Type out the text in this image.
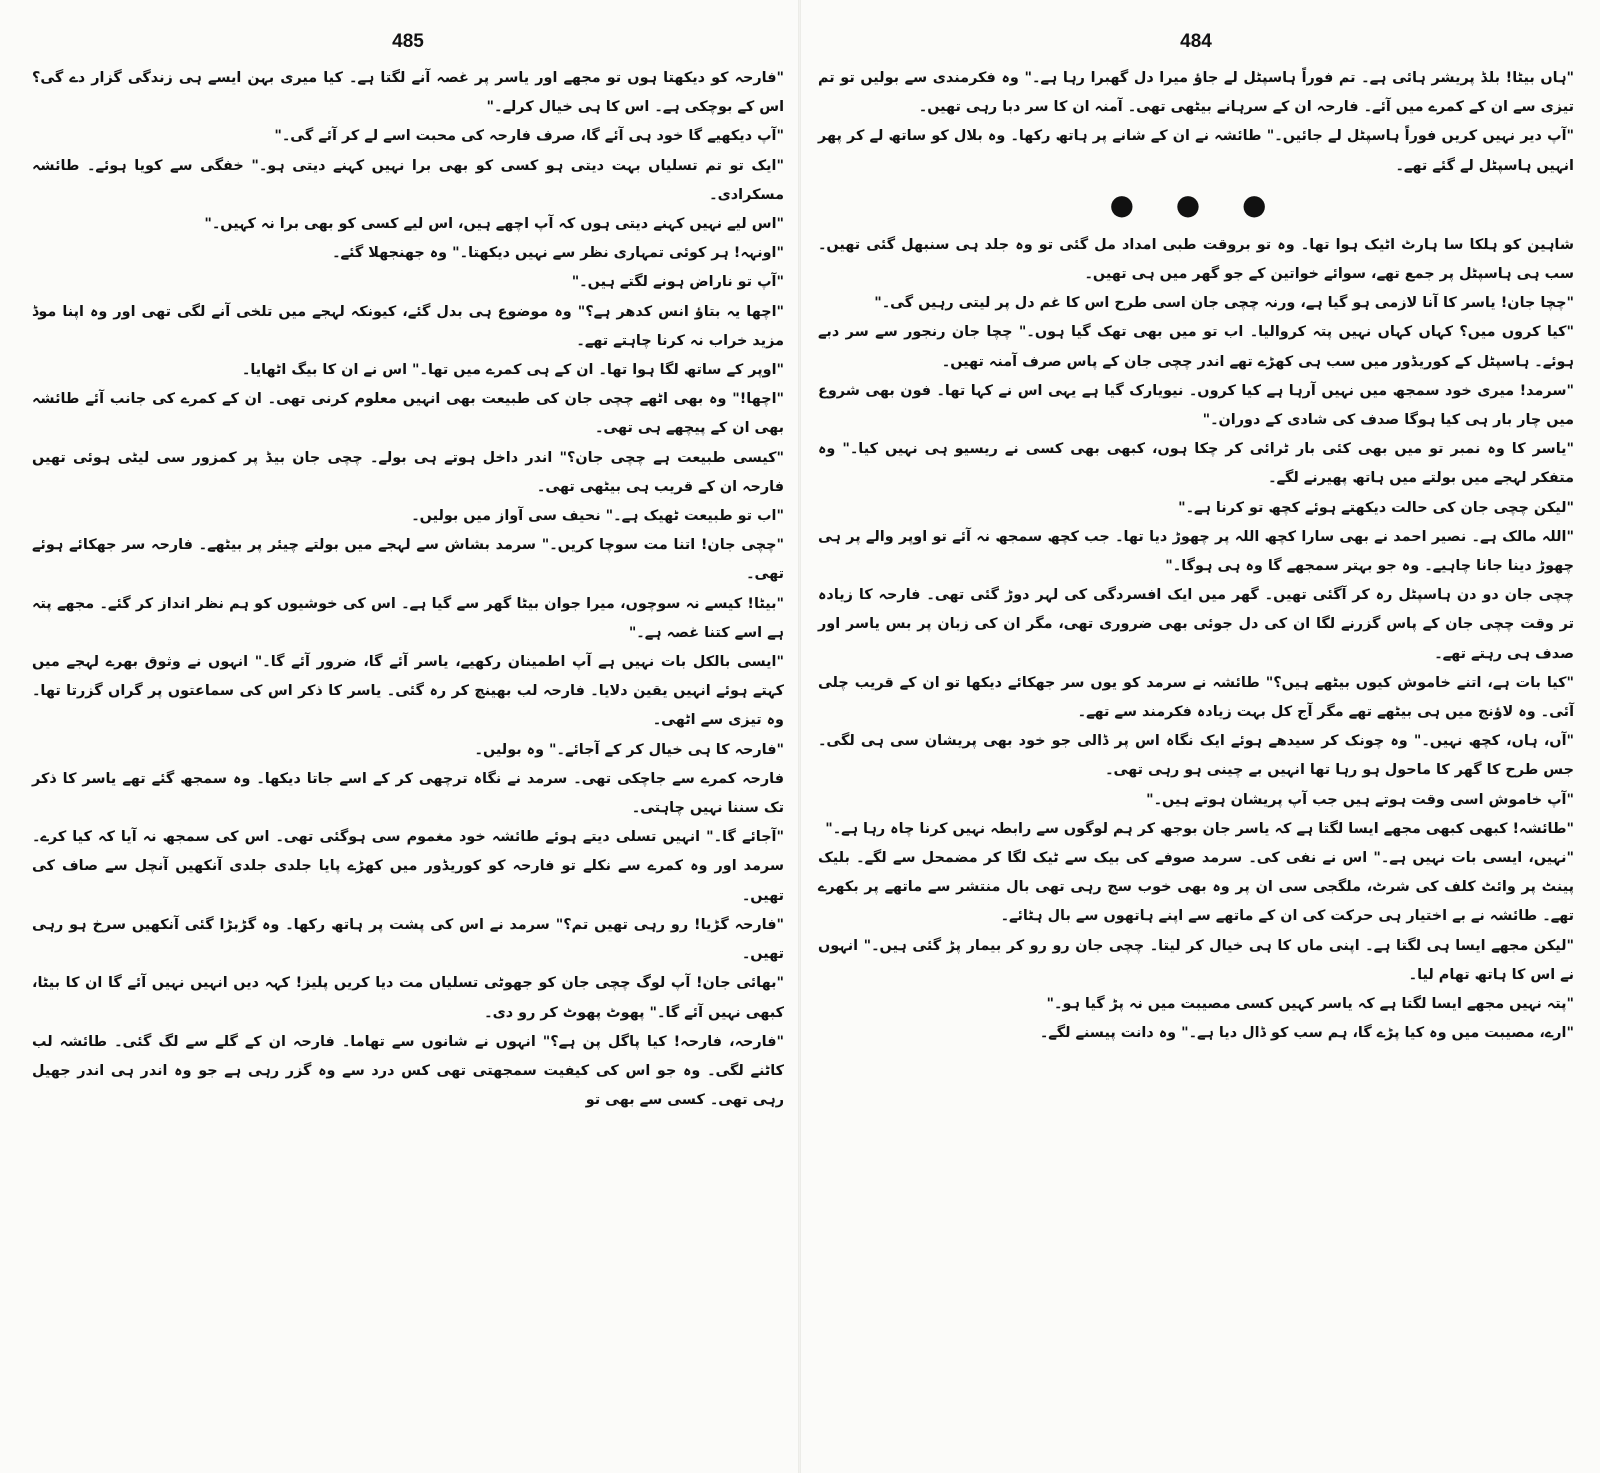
485

"فارحہ کو دیکھتا ہوں تو مجھے اور یاسر پر غصہ آنے لگتا ہے۔ کیا میری بہن ایسے ہی زندگی گزار دے گی؟ اس کے بوچکی ہے۔ اس کا ہی خیال کرلے۔"

"آپ دیکھیے گا خود ہی آئے گا، صرف فارحہ کی محبت اسے لے کر آئے گی۔"

"ایک تو تم تسلیاں بہت دیتی ہو کسی کو بھی برا نہیں کہنے دیتی ہو۔" خفگی سے کویا ہوئے۔ طائشہ مسکرادی۔

"اس لیے نہیں کہنے دیتی ہوں کہ آپ اچھے ہیں، اس لیے کسی کو بھی برا نہ کہیں۔"

"اونہہ! ہر کوئی تمہاری نظر سے نہیں دیکھتا۔" وہ جھنجھلا گئے۔

"آپ تو ناراض ہونے لگتے ہیں۔"

"اچھا یہ بتاؤ انس کدھر ہے؟" وہ موضوع ہی بدل گئے، کیونکہ لہجے میں تلخی آنے لگی تھی اور وہ اپنا موڈ مزید خراب نہ کرنا چاہتے تھے۔

"اوپر کے ساتھ لگا ہوا تھا۔ ان کے ہی کمرے میں تھا۔" اس نے ان کا بیگ اٹھایا۔

"اچھا!" وہ بھی اٹھے چچی جان کی طبیعت بھی انہیں معلوم کرنی تھی۔ ان کے کمرے کی جانب آئے طائشہ بھی ان کے پیچھے ہی تھی۔

"کیسی طبیعت ہے چچی جان؟" اندر داخل ہوتے ہی بولے۔ چچی جان بیڈ پر کمزور سی لیٹی ہوئی تھیں فارحہ ان کے قریب ہی بیٹھی تھی۔

"اب تو طبیعت ٹھیک ہے۔" نحیف سی آواز میں بولیں۔

"چچی جان! اتنا مت سوچا کریں۔" سرمد بشاش سے لہجے میں بولتے چیئر پر بیٹھے۔ فارحہ سر جھکائے ہوئے تھی۔

"بیٹا! کیسے نہ سوچوں، میرا جوان بیٹا گھر سے گیا ہے۔ اس کی خوشیوں کو ہم نظر انداز کر گئے۔ مجھے پتہ ہے اسے کتنا غصہ ہے۔"

"ایسی بالکل بات نہیں ہے آپ اطمینان رکھیے، یاسر آئے گا، ضرور آئے گا۔" انہوں نے وثوق بھرے لہجے میں کہتے ہوئے انہیں یقین دلایا۔ فارحہ لب بھینچ کر رہ گئی۔ یاسر کا ذکر اس کی سماعتوں پر گراں گزرتا تھا۔ وہ تیزی سے اٹھی۔

"فارحہ کا ہی خیال کر کے آجائے۔" وہ بولیں۔

فارحہ کمرے سے جاچکی تھی۔ سرمد نے نگاہ ترچھی کر کے اسے جاتا دیکھا۔ وہ سمجھ گئے تھے یاسر کا ذکر تک سننا نہیں چاہتی۔

"آجائے گا۔" انہیں تسلی دیتے ہوئے طائشہ خود مغموم سی ہوگئی تھی۔ اس کی سمجھ نہ آیا کہ کیا کرے۔ سرمد اور وہ کمرے سے نکلے تو فارحہ کو کوریڈور میں کھڑے پایا جلدی جلدی آنکھیں آنچل سے صاف کی تھیں۔

"فارحہ گڑیا! رو رہی تھیں تم؟" سرمد نے اس کی پشت پر ہاتھ رکھا۔ وہ گڑبڑا گئی آنکھیں سرخ ہو رہی تھیں۔

"بھائی جان! آپ لوگ چچی جان کو جھوٹی تسلیاں مت دیا کریں پلیز! کہہ دیں انہیں نہیں آئے گا ان کا بیٹا، کبھی نہیں آئے گا۔" پھوٹ پھوٹ کر رو دی۔

"فارحہ، فارحہ! کیا پاگل پن ہے؟" انہوں نے شانوں سے تھاما۔ فارحہ ان کے گلے سے لگ گئی۔ طائشہ لب کاٹنے لگی۔ وہ جو اس کی کیفیت سمجھتی تھی کس درد سے وہ گزر رہی ہے جو وہ اندر ہی اندر جھیل رہی تھی۔ کسی سے بھی تو

484

"ہاں بیٹا! بلڈ پریشر ہائی ہے۔ تم فوراً ہاسپٹل لے جاؤ میرا دل گھبرا رہا ہے۔" وہ فکرمندی سے بولیں تو تم تیزی سے ان کے کمرے میں آئے۔ فارحہ ان کے سرہانے بیٹھی تھی۔ آمنہ ان کا سر دبا رہی تھیں۔

"آپ دیر نہیں کریں فوراً ہاسپٹل لے جائیں۔" طائشہ نے ان کے شانے پر ہاتھ رکھا۔ وہ بلال کو ساتھ لے کر پھر انہیں ہاسپٹل لے گئے تھے۔

● ● ●

شاہین کو ہلکا سا ہارٹ اٹیک ہوا تھا۔ وہ تو بروقت طبی امداد مل گئی تو وہ جلد ہی سنبھل گئی تھیں۔ سب ہی ہاسپٹل پر جمع تھے، سوائے خواتین کے جو گھر میں ہی تھیں۔

"چچا جان! یاسر کا آنا لازمی ہو گیا ہے، ورنہ چچی جان اسی طرح اس کا غم دل پر لیتی رہیں گی۔"

"کیا کروں میں؟ کہاں کہاں نہیں پتہ کروالیا۔ اب تو میں بھی تھک گیا ہوں۔" چچا جان رنجور سے سر دبے ہوئے۔ ہاسپٹل کے کوریڈور میں سب ہی کھڑے تھے اندر چچی جان کے پاس صرف آمنہ تھیں۔

"سرمد! میری خود سمجھ میں نہیں آرہا ہے کیا کروں۔ نیویارک گیا ہے یہی اس نے کہا تھا۔ فون بھی شروع میں چار بار ہی کیا ہوگا صدف کی شادی کے دوران۔"

"یاسر کا وہ نمبر تو میں بھی کئی بار ٹرائی کر چکا ہوں، کبھی بھی کسی نے ریسیو ہی نہیں کیا۔" وہ متفکر لہجے میں بولتے میں ہاتھ پھیرنے لگے۔

"لیکن چچی جان کی حالت دیکھتے ہوئے کچھ تو کرنا ہے۔"

"اللہ مالک ہے۔ نصیر احمد نے بھی سارا کچھ اللہ پر چھوڑ دیا تھا۔ جب کچھ سمجھ نہ آئے تو اوپر والے پر ہی چھوڑ دینا جانا چاہیے۔ وہ جو بہتر سمجھے گا وہ ہی ہوگا۔"

چچی جان دو دن ہاسپٹل رہ کر آگئی تھیں۔ گھر میں ایک افسردگی کی لہر دوڑ گئی تھی۔ فارحہ کا زیادہ تر وقت چچی جان کے پاس گزرنے لگا ان کی دل جوئی بھی ضروری تھی، مگر ان کی زبان پر بس یاسر اور صدف ہی رہتے تھے۔

"کیا بات ہے، اتنے خاموش کیوں بیٹھے ہیں؟" طائشہ نے سرمد کو یوں سر جھکائے دیکھا تو ان کے قریب چلی آئی۔ وہ لاؤنج میں ہی بیٹھے تھے مگر آج کل بہت زیادہ فکرمند سے تھے۔

"آں، ہاں، کچھ نہیں۔" وہ چونک کر سیدھے ہوئے ایک نگاہ اس پر ڈالی جو خود بھی پریشان سی ہی لگی۔ جس طرح کا گھر کا ماحول ہو رہا تھا انہیں بے چینی ہو رہی تھی۔

"آپ خاموش اسی وقت ہوتے ہیں جب آپ پریشان ہوتے ہیں۔"

"طائشہ! کبھی کبھی مجھے ایسا لگتا ہے کہ یاسر جان بوجھ کر ہم لوگوں سے رابطہ نہیں کرنا چاہ رہا ہے۔"

"نہیں، ایسی بات نہیں ہے۔" اس نے نفی کی۔ سرمد صوفے کی بیک سے ٹیک لگا کر مضمحل سے لگے۔ بلیک پینٹ پر وائٹ کلف کی شرٹ، ملگجی سی ان پر وہ بھی خوب سج رہی تھی بال منتشر سے ماتھے پر بکھرے تھے۔ طائشہ نے بے اختیار ہی حرکت کی ان کے ماتھے سے اپنے ہاتھوں سے بال ہٹائے۔

"لیکن مجھے ایسا ہی لگتا ہے۔ اپنی ماں کا ہی خیال کر لیتا۔ چچی جان رو رو کر بیمار پڑ گئی ہیں۔" انہوں نے اس کا ہاتھ تھام لیا۔

"پتہ نہیں مجھے ایسا لگتا ہے کہ یاسر کہیں کسی مصیبت میں نہ پڑ گیا ہو۔"

"ارے، مصیبت میں وہ کیا پڑے گا، ہم سب کو ڈال دیا ہے۔" وہ دانت پیسنے لگے۔
